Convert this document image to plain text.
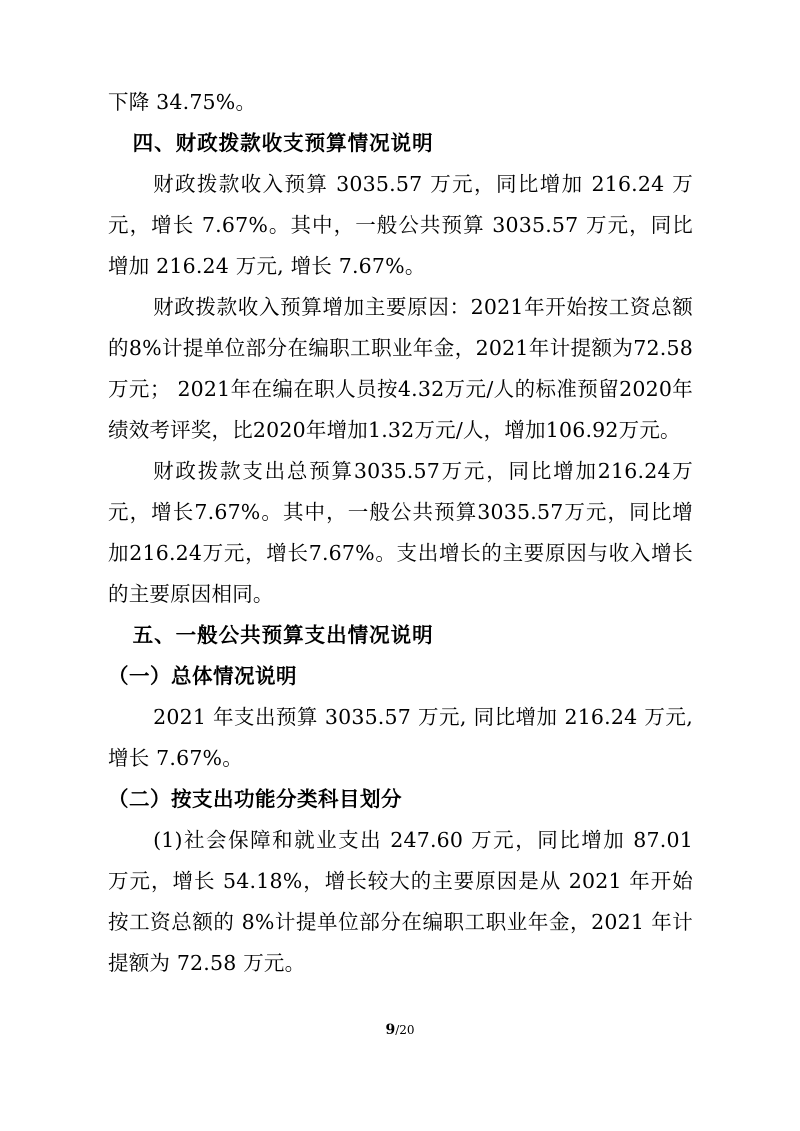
下降 34.75%。

四、财政拨款收支预算情况说明

财政拨款收入预算 3035.57 万元，同比增加 216.24 万元，增长 7.67%。其中，一般公共预算 3035.57 万元，同比增加 216.24 万元, 增长 7.67%。

财政拨款收入预算增加主要原因：2021年开始按工资总额的8%计提单位部分在编职工职业年金，2021年计提额为72.58万元； 2021年在编在职人员按4.32万元/人的标准预留2020年绩效考评奖，比2020年增加1.32万元/人，增加106.92万元。

财政拨款支出总预算3035.57万元，同比增加216.24万元，增长7.67%。其中，一般公共预算3035.57万元，同比增加216.24万元，增长7.67%。支出增长的主要原因与收入增长的主要原因相同。

五、一般公共预算支出情况说明

（一）总体情况说明

2021 年支出预算 3035.57 万元, 同比增加 216.24 万元, 增长 7.67%。

（二）按支出功能分类科目划分

(1)社会保障和就业支出 247.60 万元，同比增加 87.01 万元，增长 54.18%，增长较大的主要原因是从 2021 年开始按工资总额的 8%计提单位部分在编职工职业年金，2021 年计提额为 72.58 万元。

9/20
